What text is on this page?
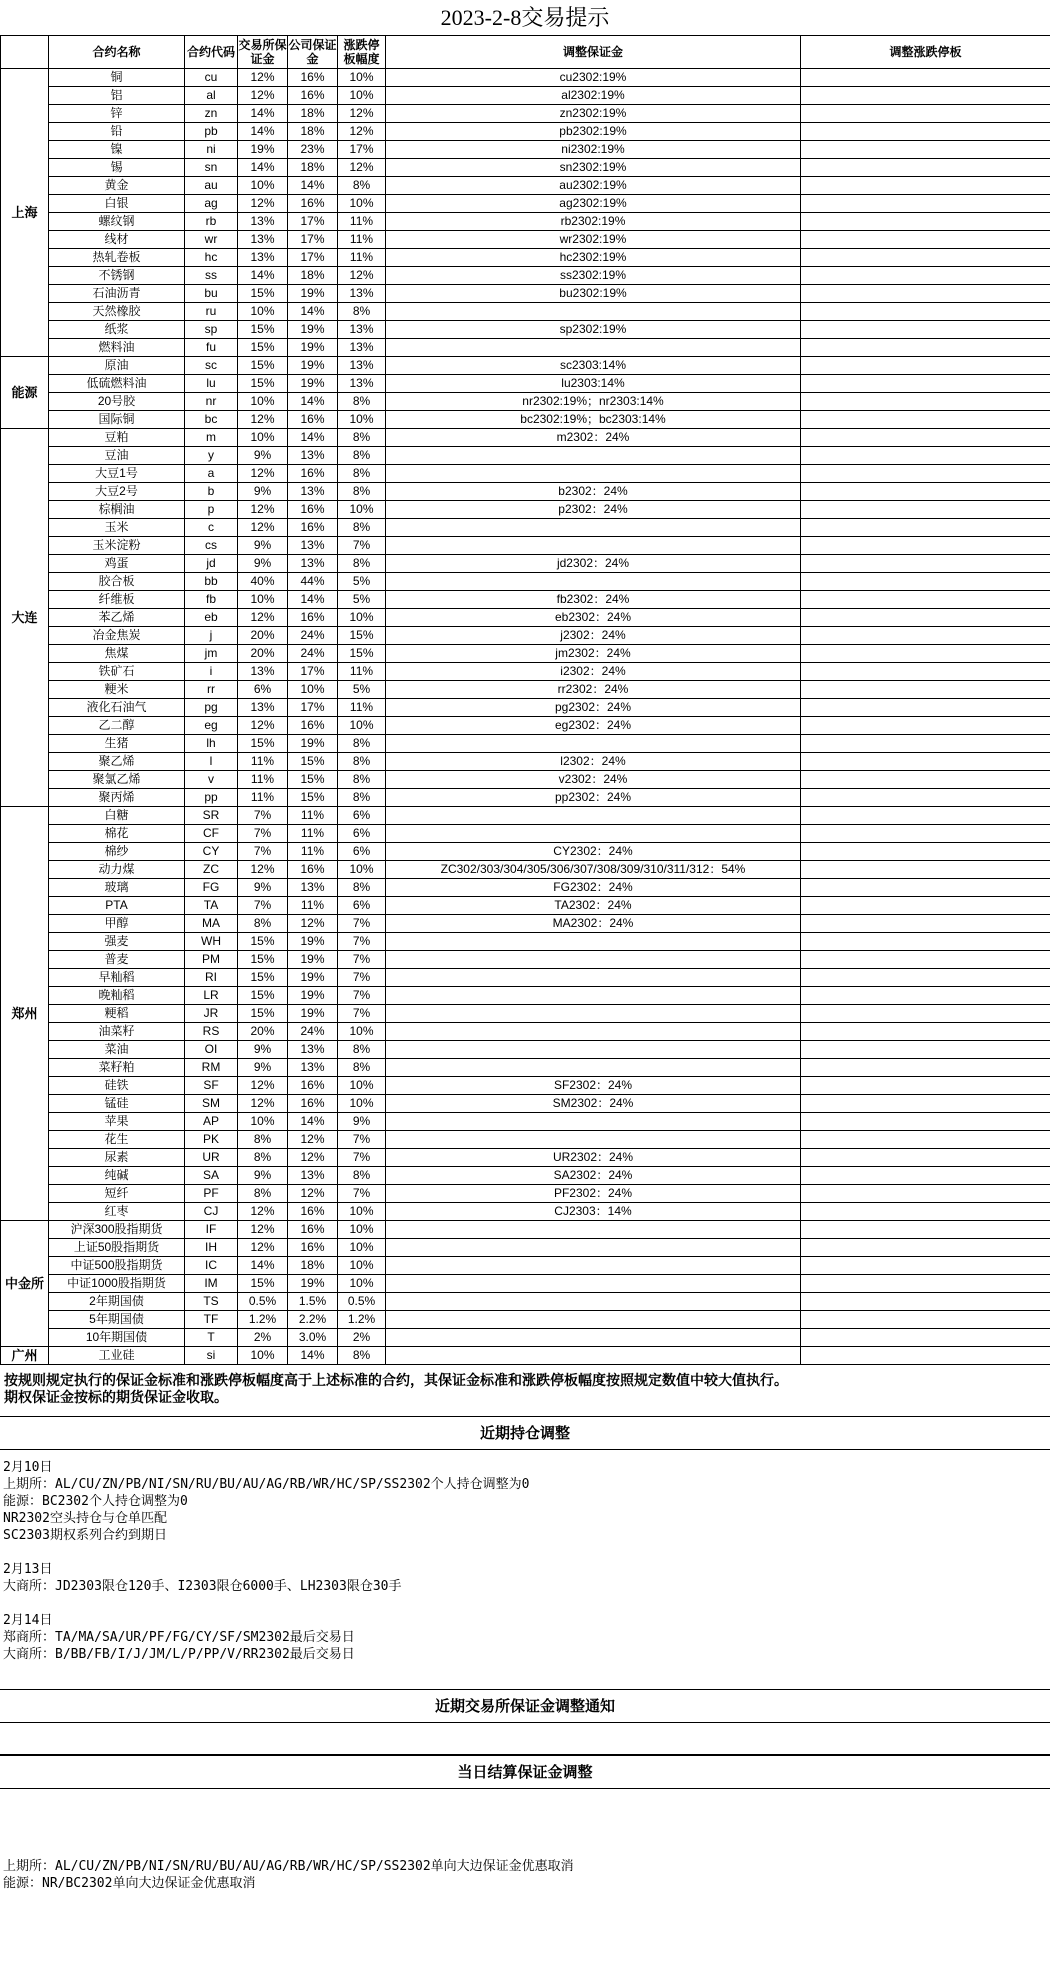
2023-2-8交易提示
	合约名称	合约代码	交易所保证金	公司保证金	涨跌停板幅度	调整保证金	调整涨跌停板
上海	铜	cu	12%	16%	10%	cu2302:19%	
	铝	al	12%	16%	10%	al2302:19%	
	锌	zn	14%	18%	12%	zn2302:19%	
	铅	pb	14%	18%	12%	pb2302:19%	
	镍	ni	19%	23%	17%	ni2302:19%	
	锡	sn	14%	18%	12%	sn2302:19%	
	黄金	au	10%	14%	8%	au2302:19%	
	白银	ag	12%	16%	10%	ag2302:19%	
	螺纹钢	rb	13%	17%	11%	rb2302:19%	
	线材	wr	13%	17%	11%	wr2302:19%	
	热轧卷板	hc	13%	17%	11%	hc2302:19%	
	不锈钢	ss	14%	18%	12%	ss2302:19%	
	石油沥青	bu	15%	19%	13%	bu2302:19%	
	天然橡胶	ru	10%	14%	8%		
	纸浆	sp	15%	19%	13%	sp2302:19%	
	燃料油	fu	15%	19%	13%		
能源	原油	sc	15%	19%	13%	sc2303:14%	
	低硫燃料油	lu	15%	19%	13%	lu2303:14%	
	20号胶	nr	10%	14%	8%	nr2302:19%；nr2303:14%	
	国际铜	bc	12%	16%	10%	bc2302:19%；bc2303:14%	
大连	豆粕	m	10%	14%	8%	m2302：24%	
	豆油	y	9%	13%	8%		
	大豆1号	a	12%	16%	8%		
	大豆2号	b	9%	13%	8%	b2302：24%	
	棕榈油	p	12%	16%	10%	p2302：24%	
	玉米	c	12%	16%	8%		
	玉米淀粉	cs	9%	13%	7%		
	鸡蛋	jd	9%	13%	8%	jd2302：24%	
	胶合板	bb	40%	44%	5%		
	纤维板	fb	10%	14%	5%	fb2302：24%	
	苯乙烯	eb	12%	16%	10%	eb2302：24%	
	冶金焦炭	j	20%	24%	15%	j2302：24%	
	焦煤	jm	20%	24%	15%	jm2302：24%	
	铁矿石	i	13%	17%	11%	i2302：24%	
	粳米	rr	6%	10%	5%	rr2302：24%	
	液化石油气	pg	13%	17%	11%	pg2302：24%	
	乙二醇	eg	12%	16%	10%	eg2302：24%	
	生猪	lh	15%	19%	8%		
	聚乙烯	l	11%	15%	8%	l2302：24%	
	聚氯乙烯	v	11%	15%	8%	v2302：24%	
	聚丙烯	pp	11%	15%	8%	pp2302：24%	
郑州	白糖	SR	7%	11%	6%		
	棉花	CF	7%	11%	6%		
	棉纱	CY	7%	11%	6%	CY2302：24%	
	动力煤	ZC	12%	16%	10%	ZC302/303/304/305/306/307/308/309/310/311/312：54%	
	玻璃	FG	9%	13%	8%	FG2302：24%	
	PTA	TA	7%	11%	6%	TA2302：24%	
	甲醇	MA	8%	12%	7%	MA2302：24%	
	强麦	WH	15%	19%	7%		
	普麦	PM	15%	19%	7%		
	早籼稻	RI	15%	19%	7%		
	晚籼稻	LR	15%	19%	7%		
	粳稻	JR	15%	19%	7%		
	油菜籽	RS	20%	24%	10%		
	菜油	OI	9%	13%	8%		
	菜籽粕	RM	9%	13%	8%		
	硅铁	SF	12%	16%	10%	SF2302：24%	
	锰硅	SM	12%	16%	10%	SM2302：24%	
	苹果	AP	10%	14%	9%		
	花生	PK	8%	12%	7%		
	尿素	UR	8%	12%	7%	UR2302：24%	
	纯碱	SA	9%	13%	8%	SA2302：24%	
	短纤	PF	8%	12%	7%	PF2302：24%	
	红枣	CJ	12%	16%	10%	CJ2303：14%	
中金所	沪深300股指期货	IF	12%	16%	10%		
	上证50股指期货	IH	12%	16%	10%		
	中证500股指期货	IC	14%	18%	10%		
	中证1000股指期货	IM	15%	19%	10%		
	2年期国债	TS	0.5%	1.5%	0.5%		
	5年期国债	TF	1.2%	2.2%	1.2%		
	10年期国债	T	2%	3.0%	2%		
广州	工业硅	si	10%	14%	8%		
按规则规定执行的保证金标准和涨跌停板幅度高于上述标准的合约，其保证金标准和涨跌停板幅度按照规定数值中较大值执行。
期权保证金按标的期货保证金收取。
近期持仓调整
2月10日
上期所：AL/CU/ZN/PB/NI/SN/RU/BU/AU/AG/RB/WR/HC/SP/SS2302个人持仓调整为0
能源：BC2302个人持仓调整为0
NR2302空头持仓与仓单匹配
SC2303期权系列合约到期日
2月13日
大商所：JD2303限仓120手、I2303限仓6000手、LH2303限仓30手
2月14日
郑商所：TA/MA/SA/UR/PF/FG/CY/SF/SM2302最后交易日
大商所：B/BB/FB/I/J/JM/L/P/PP/V/RR2302最后交易日
近期交易所保证金调整通知
当日结算保证金调整
上期所：AL/CU/ZN/PB/NI/SN/RU/BU/AU/AG/RB/WR/HC/SP/SS2302单向大边保证金优惠取消
能源：NR/BC2302单向大边保证金优惠取消
